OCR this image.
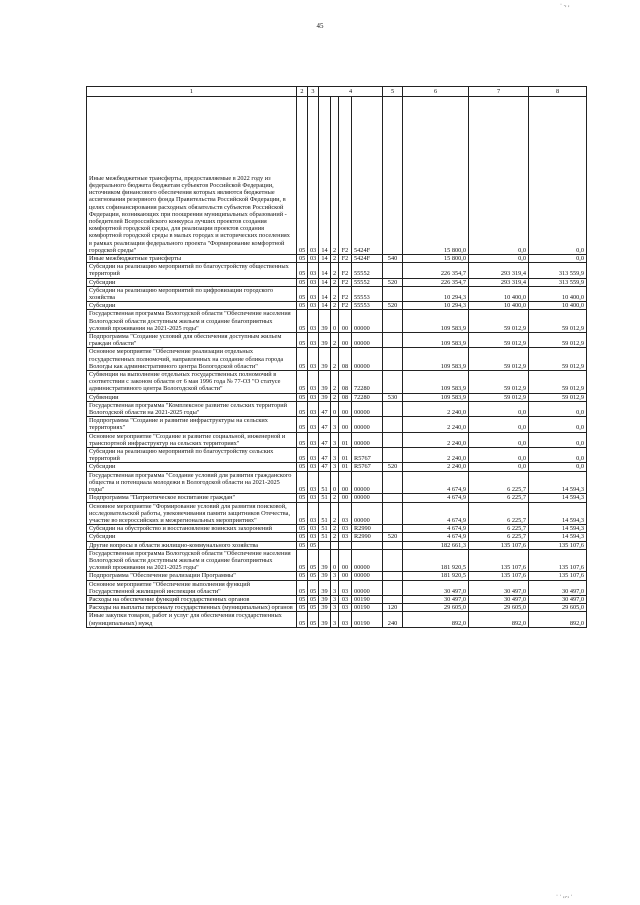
45
· ., ,
· · ,,., ·
1	2	3	4				5	6	7	8
Иные межбюджетные трансферты, предоставляемые в 2022 году из федерального бюджета бюджетам субъектов Российской Федерации, источником финансового обеспечения которых являются бюджетные ассигнования резервного фонда Правительства Российской Федерации, в целях софинансирования расходных обязательств субъектов Российской Федерации, возникающих при поощрении муниципальных образований - победителей Всероссийского конкурса лучших проектов создания комфортной городской среды, для реализации проектов создания комфортной городской среды в малых городах и исторических поселениях в рамках реализации федерального проекта "Формирование комфортной городской среды"	05	03	14	2	F2	5424F		15 800,0	0,0	0,0
Иные межбюджетные трансферты	05	03	14	2	F2	5424F	540	15 800,0	0,0	0,0
Субсидии на реализацию мероприятий по благоустройству общественных территорий	05	03	14	2	F2	55552		226 354,7	293 319,4	313 559,9
Субсидии	05	03	14	2	F2	55552	520	226 354,7	293 319,4	313 559,9
Субсидии на реализацию мероприятий по цифровизации городского хозяйства	05	03	14	2	F2	55553		10 294,3	10 400,0	10 400,0
Субсидии	05	03	14	2	F2	55553	520	10 294,3	10 400,0	10 400,0
Государственная программа Вологодской области "Обеспечение населения Вологодской области доступным жильем и создание благоприятных условий проживания на 2021-2025 годы"	05	03	39	0	00	00000		109 583,9	59 012,9	59 012,9
Подпрограмма "Создание условий для обеспечения доступным жильем граждан области"	05	03	39	2	00	00000		109 583,9	59 012,9	59 012,9
Основное мероприятие "Обеспечение реализации отдельных государственных полномочий, направленных на создание облика города Вологды как административного центра Вологодской области"	05	03	39	2	08	00000		109 583,9	59 012,9	59 012,9
Субвенция на выполнение отдельных государственных полномочий в соответствии с законом области от 6 мая 1996 года № 77-ОЗ "О статусе административного центра Вологодской области"	05	03	39	2	08	72280		109 583,9	59 012,9	59 012,9
Субвенции	05	03	39	2	08	72280	530	109 583,9	59 012,9	59 012,9
Государственная программа "Комплексное развитие сельских территорий Вологодской области на 2021-2025 годы"	05	03	47	0	00	00000		2 240,0	0,0	0,0
Подпрограмма "Создание и развитие инфраструктуры на сельских территориях"	05	03	47	3	00	00000		2 240,0	0,0	0,0
Основное мероприятие "Создание и развитие социальной, инженерной и транспортной инфраструктур на сельских территориях"	05	03	47	3	01	00000		2 240,0	0,0	0,0
Субсидии на реализацию мероприятий по благоустройству сельских территорий	05	03	47	3	01	R5767		2 240,0	0,0	0,0
Субсидии	05	03	47	3	01	R5767	520	2 240,0	0,0	0,0
Государственная программа "Создание условий для развития гражданского общества и потенциала молодежи в Вологодской области на 2021-2025 годы"	05	03	51	0	00	00000		4 674,9	6 225,7	14 594,3
Подпрограмма "Патриотическое воспитание граждан"	05	03	51	2	00	00000		4 674,9	6 225,7	14 594,3
Основное мероприятие "Формирование условий для развития поисковой, исследовательской работы, увековечивания памяти защитников Отечества, участие во всероссийских и межрегиональных мероприятиях"	05	03	51	2	03	00000		4 674,9	6 225,7	14 594,3
Субсидии на обустройство и восстановление воинских захоронений	05	03	51	2	03	R2990		4 674,9	6 225,7	14 594,3
Субсидии	05	03	51	2	03	R2990	520	4 674,9	6 225,7	14 594,3
Другие вопросы в области жилищно-коммунального хозяйства	05	05						182 661,3	135 107,6	135 107,6
Государственная программа Вологодской области "Обеспечение населения Вологодской области доступным жильем и создание благоприятных условий проживания на 2021-2025 годы"	05	05	39	0	00	00000		181 920,5	135 107,6	135 107,6
Подпрограмма "Обеспечение реализации Программы"	05	05	39	3	00	00000		181 920,5	135 107,6	135 107,6
Основное мероприятие "Обеспечение выполнения функций Государственной жилищной инспекции области"	05	05	39	3	03	00000		30 497,0	30 497,0	30 497,0
Расходы на обеспечение функций государственных органов	05	05	39	3	03	00190		30 497,0	30 497,0	30 497,0
Расходы на выплаты персоналу государственных (муниципальных) органов	05	05	39	3	03	00190	120	29 605,0	29 605,0	29 605,0
Иные закупки товаров, работ и услуг для обеспечения государственных (муниципальных) нужд	05	05	39	3	03	00190	240	892,0	892,0	892,0
